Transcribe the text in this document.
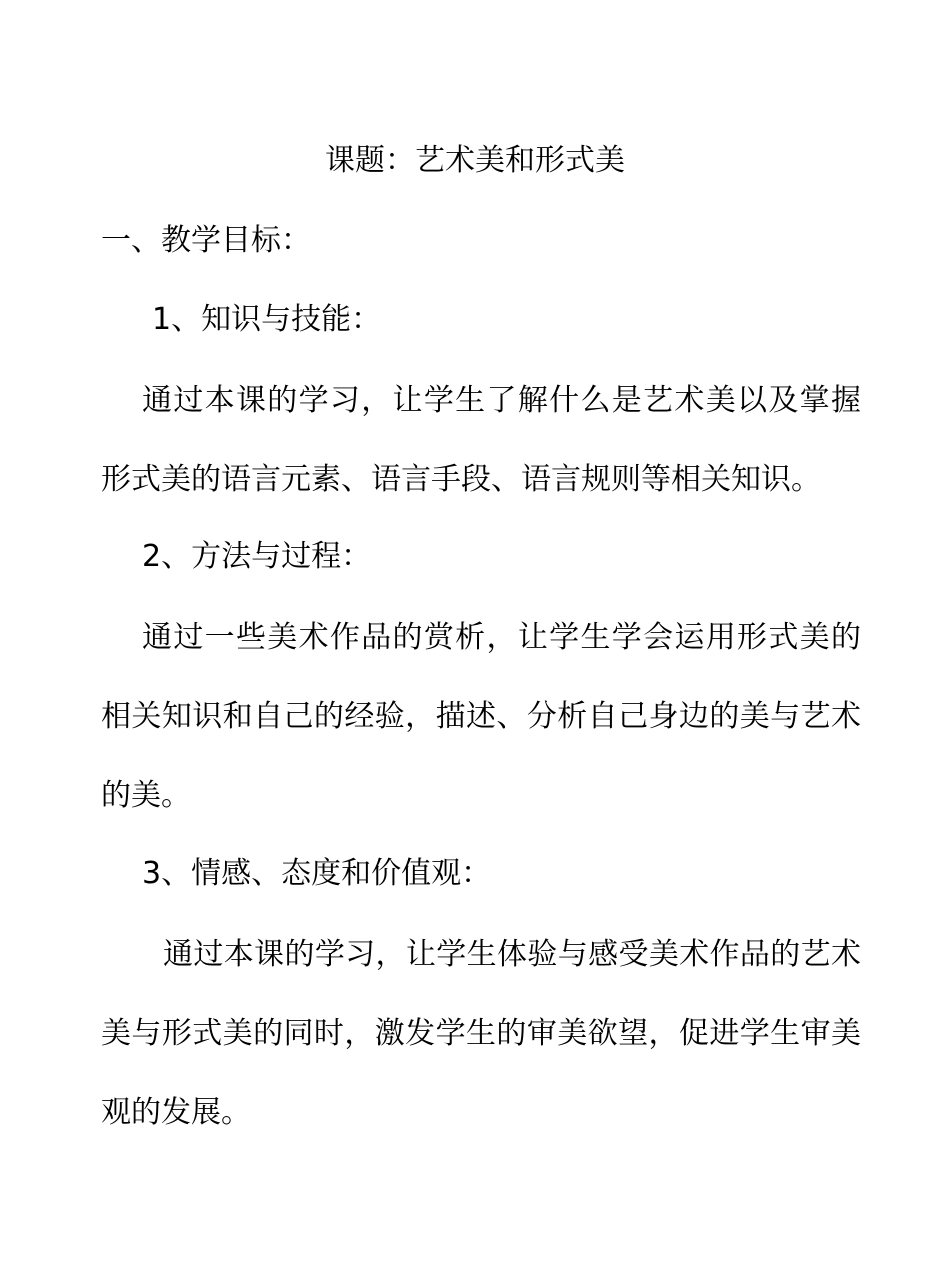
课题：艺术美和形式美
一、教学目标：
1、知识与技能：
通过本课的学习，让学生了解什么是艺术美以及掌握形式美的语言元素、语言手段、语言规则等相关知识。
2、方法与过程：
通过一些美术作品的赏析，让学生学会运用形式美的相关知识和自己的经验，描述、分析自己身边的美与艺术的美。
3、情感、态度和价值观：
通过本课的学习，让学生体验与感受美术作品的艺术美与形式美的同时，激发学生的审美欲望，促进学生审美观的发展。
